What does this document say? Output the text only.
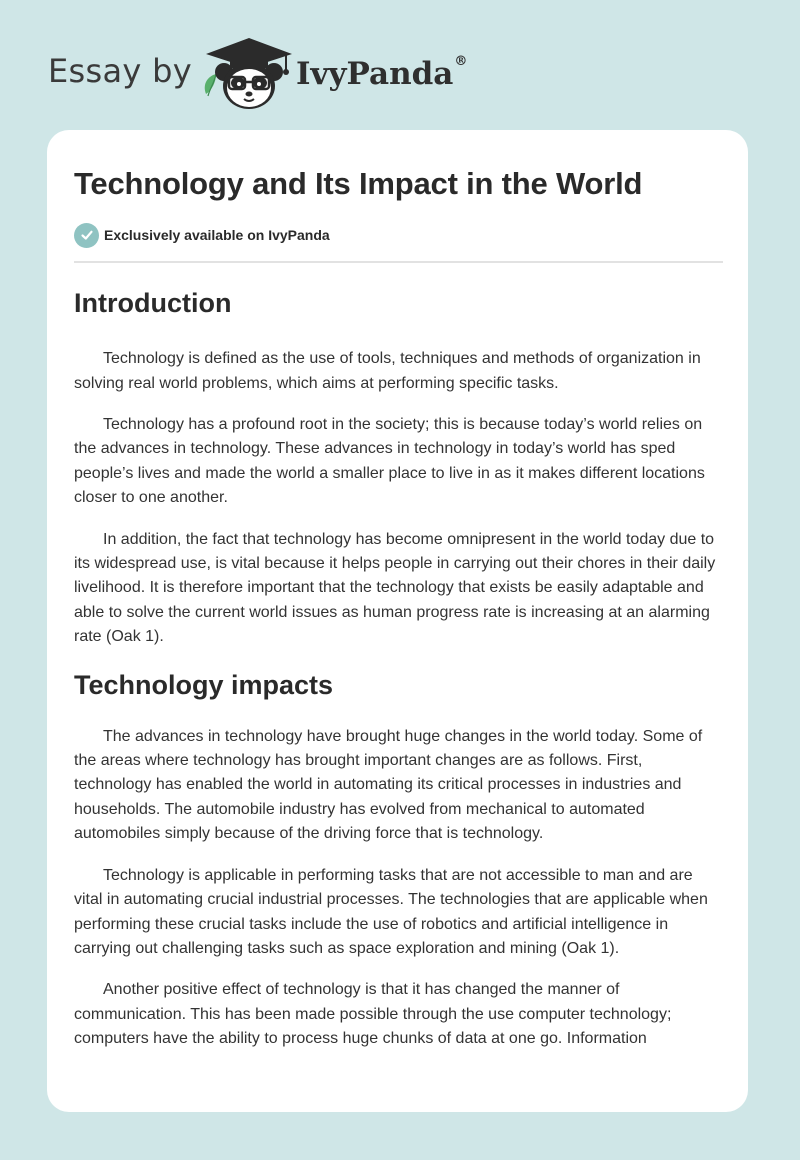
Essay by	IvyPanda®
Technology and Its Impact in the World
Exclusively available on IvyPanda
Introduction

Technology is defined as the use of tools, techniques and methods of organization in solving real world problems, which aims at performing specific tasks.

Technology has a profound root in the society; this is because today’s world relies on the advances in technology. These advances in technology in today’s world has sped people’s lives and made the world a smaller place to live in as it makes different locations closer to one another.

In addition, the fact that technology has become omnipresent in the world today due to its widespread use, is vital because it helps people in carrying out their chores in their daily livelihood. It is therefore important that the technology that exists be easily adaptable and able to solve the current world issues as human progress rate is increasing at an alarming rate (Oak 1).

Technology impacts

The advances in technology have brought huge changes in the world today. Some of the areas where technology has brought important changes are as follows. First, technology has enabled the world in automating its critical processes in industries and households. The automobile industry has evolved from mechanical to automated automobiles simply because of the driving force that is technology.

Technology is applicable in performing tasks that are not accessible to man and are vital in automating crucial industrial processes. The technologies that are applicable when performing these crucial tasks include the use of robotics and artificial intelligence in carrying out challenging tasks such as space exploration and mining (Oak 1).

Another positive effect of technology is that it has changed the manner of communication. This has been made possible through the use computer technology; computers have the ability to process huge chunks of data at one go. Information
